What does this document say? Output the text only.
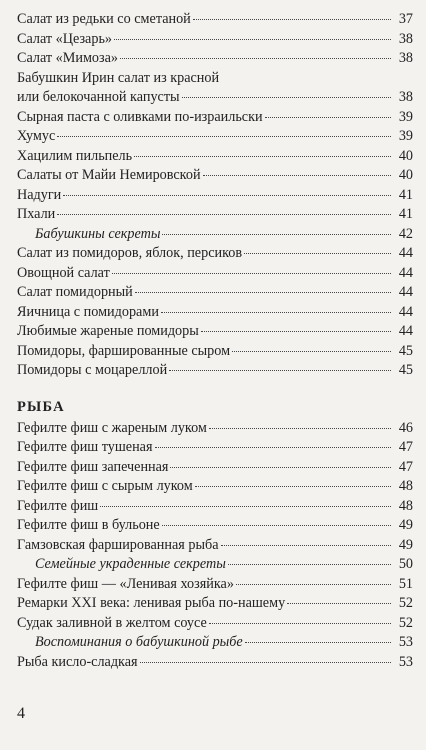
Салат из редьки со сметаной	37
Салат «Цезарь»	38
Салат «Мимоза»	38
Бабушкин Ирин салат из красной
или белокочанной капусты	38
Сырная паста с оливками по-израильски	39
Хумус	39
Хацилим пильпель	40
Салаты от Майи Немировской	40
Надуги	41
Пхали	41
Бабушкины секреты	42
Салат из помидоров, яблок, персиков	44
Овощной салат	44
Салат помидорный	44
Яичница с помидорами	44
Любимые жареные помидоры	44
Помидоры, фаршированные сыром	45
Помидоры с моцареллой	45
РЫБА
Гефилте фиш с жареным луком	46
Гефилте фиш тушеная	47
Гефилте фиш запеченная	47
Гефилте фиш с сырым луком	48
Гефилте фиш	48
Гефилте фиш в бульоне	49
Гамзовская фаршированная рыба	49
Семейные украденные секреты	50
Гефилте фиш — «Ленивая хозяйка»	51
Ремарки XXI века: ленивая рыба по-нашему	52
Судак заливной в желтом соусе	52
Воспоминания о бабушкиной рыбе	53
Рыба кисло-сладкая	53
4
